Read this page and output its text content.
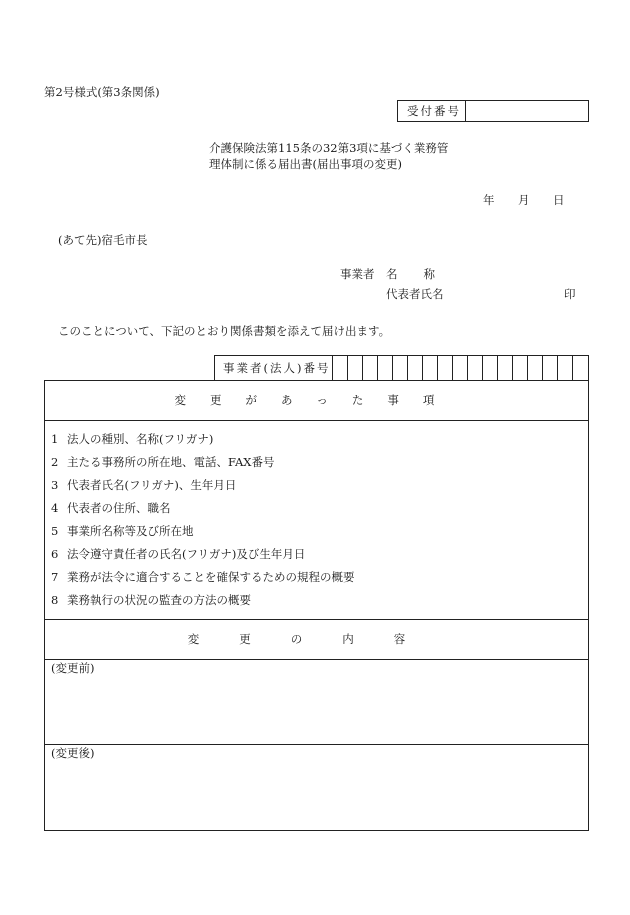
第2号様式(第3条関係)
受付番号
介護保険法第115条の32第3項に基づく業務管
理体制に係る届出書(届出事項の変更)
年 月 日
(あて先)宿毛市長
事業者 名　　称
代表者氏名	印
このことについて、下記のとおり関係書類を添えて届け出ます。
事業者(法人)番号
変更があった事項
1 法人の種別、名称(フリガナ)
2 主たる事務所の所在地、電話、FAX番号
3 代表者氏名(フリガナ)、生年月日
4 代表者の住所、職名
5 事業所名称等及び所在地
6 法令遵守責任者の氏名(フリガナ)及び生年月日
7 業務が法令に適合することを確保するための規程の概要
8 業務執行の状況の監査の方法の概要
変更の内容
(変更前)
(変更後)
